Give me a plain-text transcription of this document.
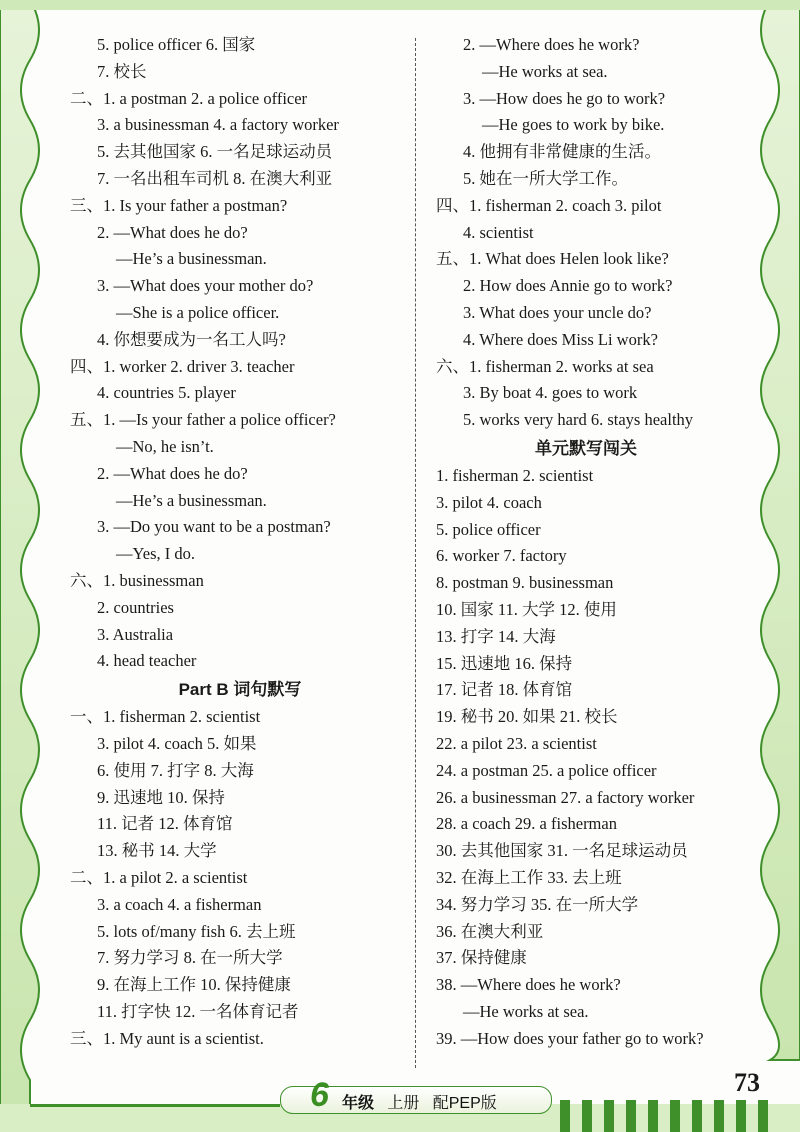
5. police officer 6. 国家
7. 校长
二、1. a postman 2. a police officer
3. a businessman 4. a factory worker
5. 去其他国家 6. 一名足球运动员
7. 一名出租车司机 8. 在澳大利亚
三、1. Is your father a postman?
2. —What does he do?
—He’s a businessman.
3. —What does your mother do?
—She is a police officer.
4. 你想要成为一名工人吗?
四、1. worker 2. driver 3. teacher
4. countries 5. player
五、1. —Is your father a police officer?
—No, he isn’t.
2. —What does he do?
—He’s a businessman.
3. —Do you want to be a postman?
—Yes, I do.
六、1. businessman
2. countries
3. Australia
4. head teacher
Part B 词句默写
一、1. fisherman 2. scientist
3. pilot 4. coach 5. 如果
6. 使用 7. 打字 8. 大海
9. 迅速地 10. 保持
11. 记者 12. 体育馆
13. 秘书 14. 大学
二、1. a pilot 2. a scientist
3. a coach 4. a fisherman
5. lots of/many fish 6. 去上班
7. 努力学习 8. 在一所大学
9. 在海上工作 10. 保持健康
11. 打字快 12. 一名体育记者
三、1. My aunt is a scientist.
2. —Where does he work?
—He works at sea.
3. —How does he go to work?
—He goes to work by bike.
4. 他拥有非常健康的生活。
5. 她在一所大学工作。
四、1. fisherman 2. coach 3. pilot
4. scientist
五、1. What does Helen look like?
2. How does Annie go to work?
3. What does your uncle do?
4. Where does Miss Li work?
六、1. fisherman 2. works at sea
3. By boat 4. goes to work
5. works very hard 6. stays healthy
单元默写闯关
1. fisherman 2. scientist
3. pilot 4. coach
5. police officer
6. worker 7. factory
8. postman 9. businessman
10. 国家 11. 大学 12. 使用
13. 打字 14. 大海
15. 迅速地 16. 保持
17. 记者 18. 体育馆
19. 秘书 20. 如果 21. 校长
22. a pilot 23. a scientist
24. a postman 25. a police officer
26. a businessman 27. a factory worker
28. a coach 29. a fisherman
30. 去其他国家 31. 一名足球运动员
32. 在海上工作 33. 去上班
34. 努力学习 35. 在一所大学
36. 在澳大利亚
37. 保持健康
38. —Where does he work?
—He works at sea.
39. —How does your father go to work?
6 年级 上册 配PEP版
73
